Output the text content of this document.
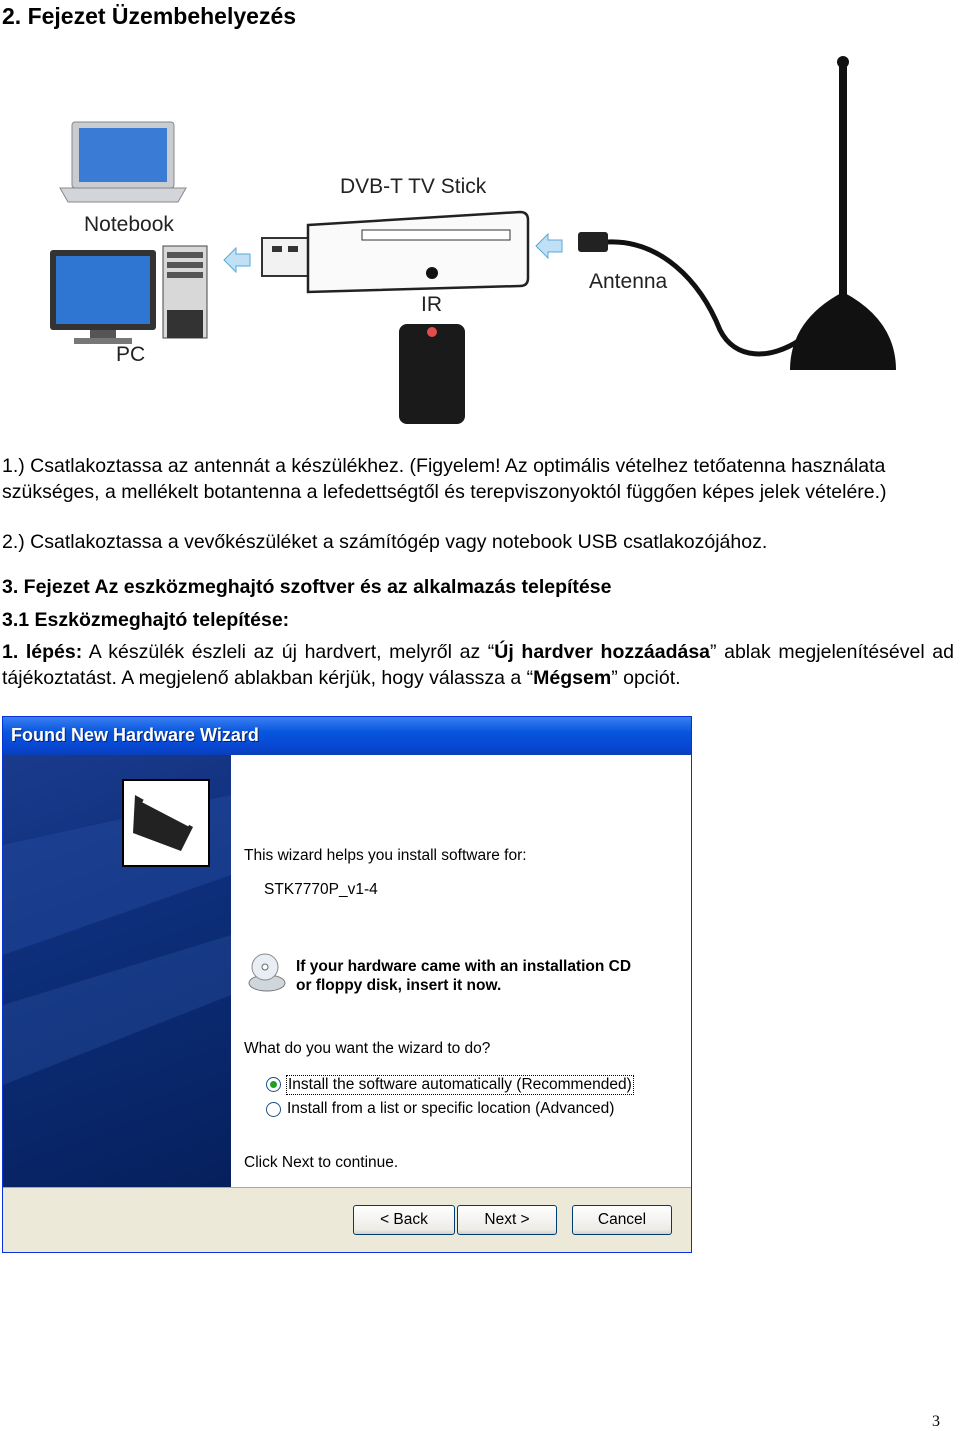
2. Fejezet Üzembehelyezés
DVB-T TV Stick
Notebook
PC
IR
Antenna
1.) Csatlakoztassa az antennát a készülékhez. (Figyelem! Az optimális vételhez tetőatenna használata szükséges, a mellékelt botantenna a lefedettségtől és terepviszonyoktól függően képes jelek vételére.)
2.) Csatlakoztassa a vevőkészüléket a számítógép vagy notebook USB csatlakozójához.
3. Fejezet Az eszközmeghajtó szoftver és az alkalmazás telepítése
3.1 Eszközmeghajtó telepítése:
1. lépés: A készülék észleli az új hardvert, melyről az “Új hardver hozzáadása” ablak megjelenítésével ad tájékoztatást. A megjelenő ablakban kérjük, hogy válassza a “Mégsem” opciót.
Found New Hardware Wizard
This wizard helps you install software for:
STK7770P_v1-4
If your hardware came with an installation CD
or floppy disk, insert it now.
What do you want the wizard to do?
Install the software automatically (Recommended)
Install from a list or specific location (Advanced)
Click Next to continue.
< Back	Next >	Cancel
3
